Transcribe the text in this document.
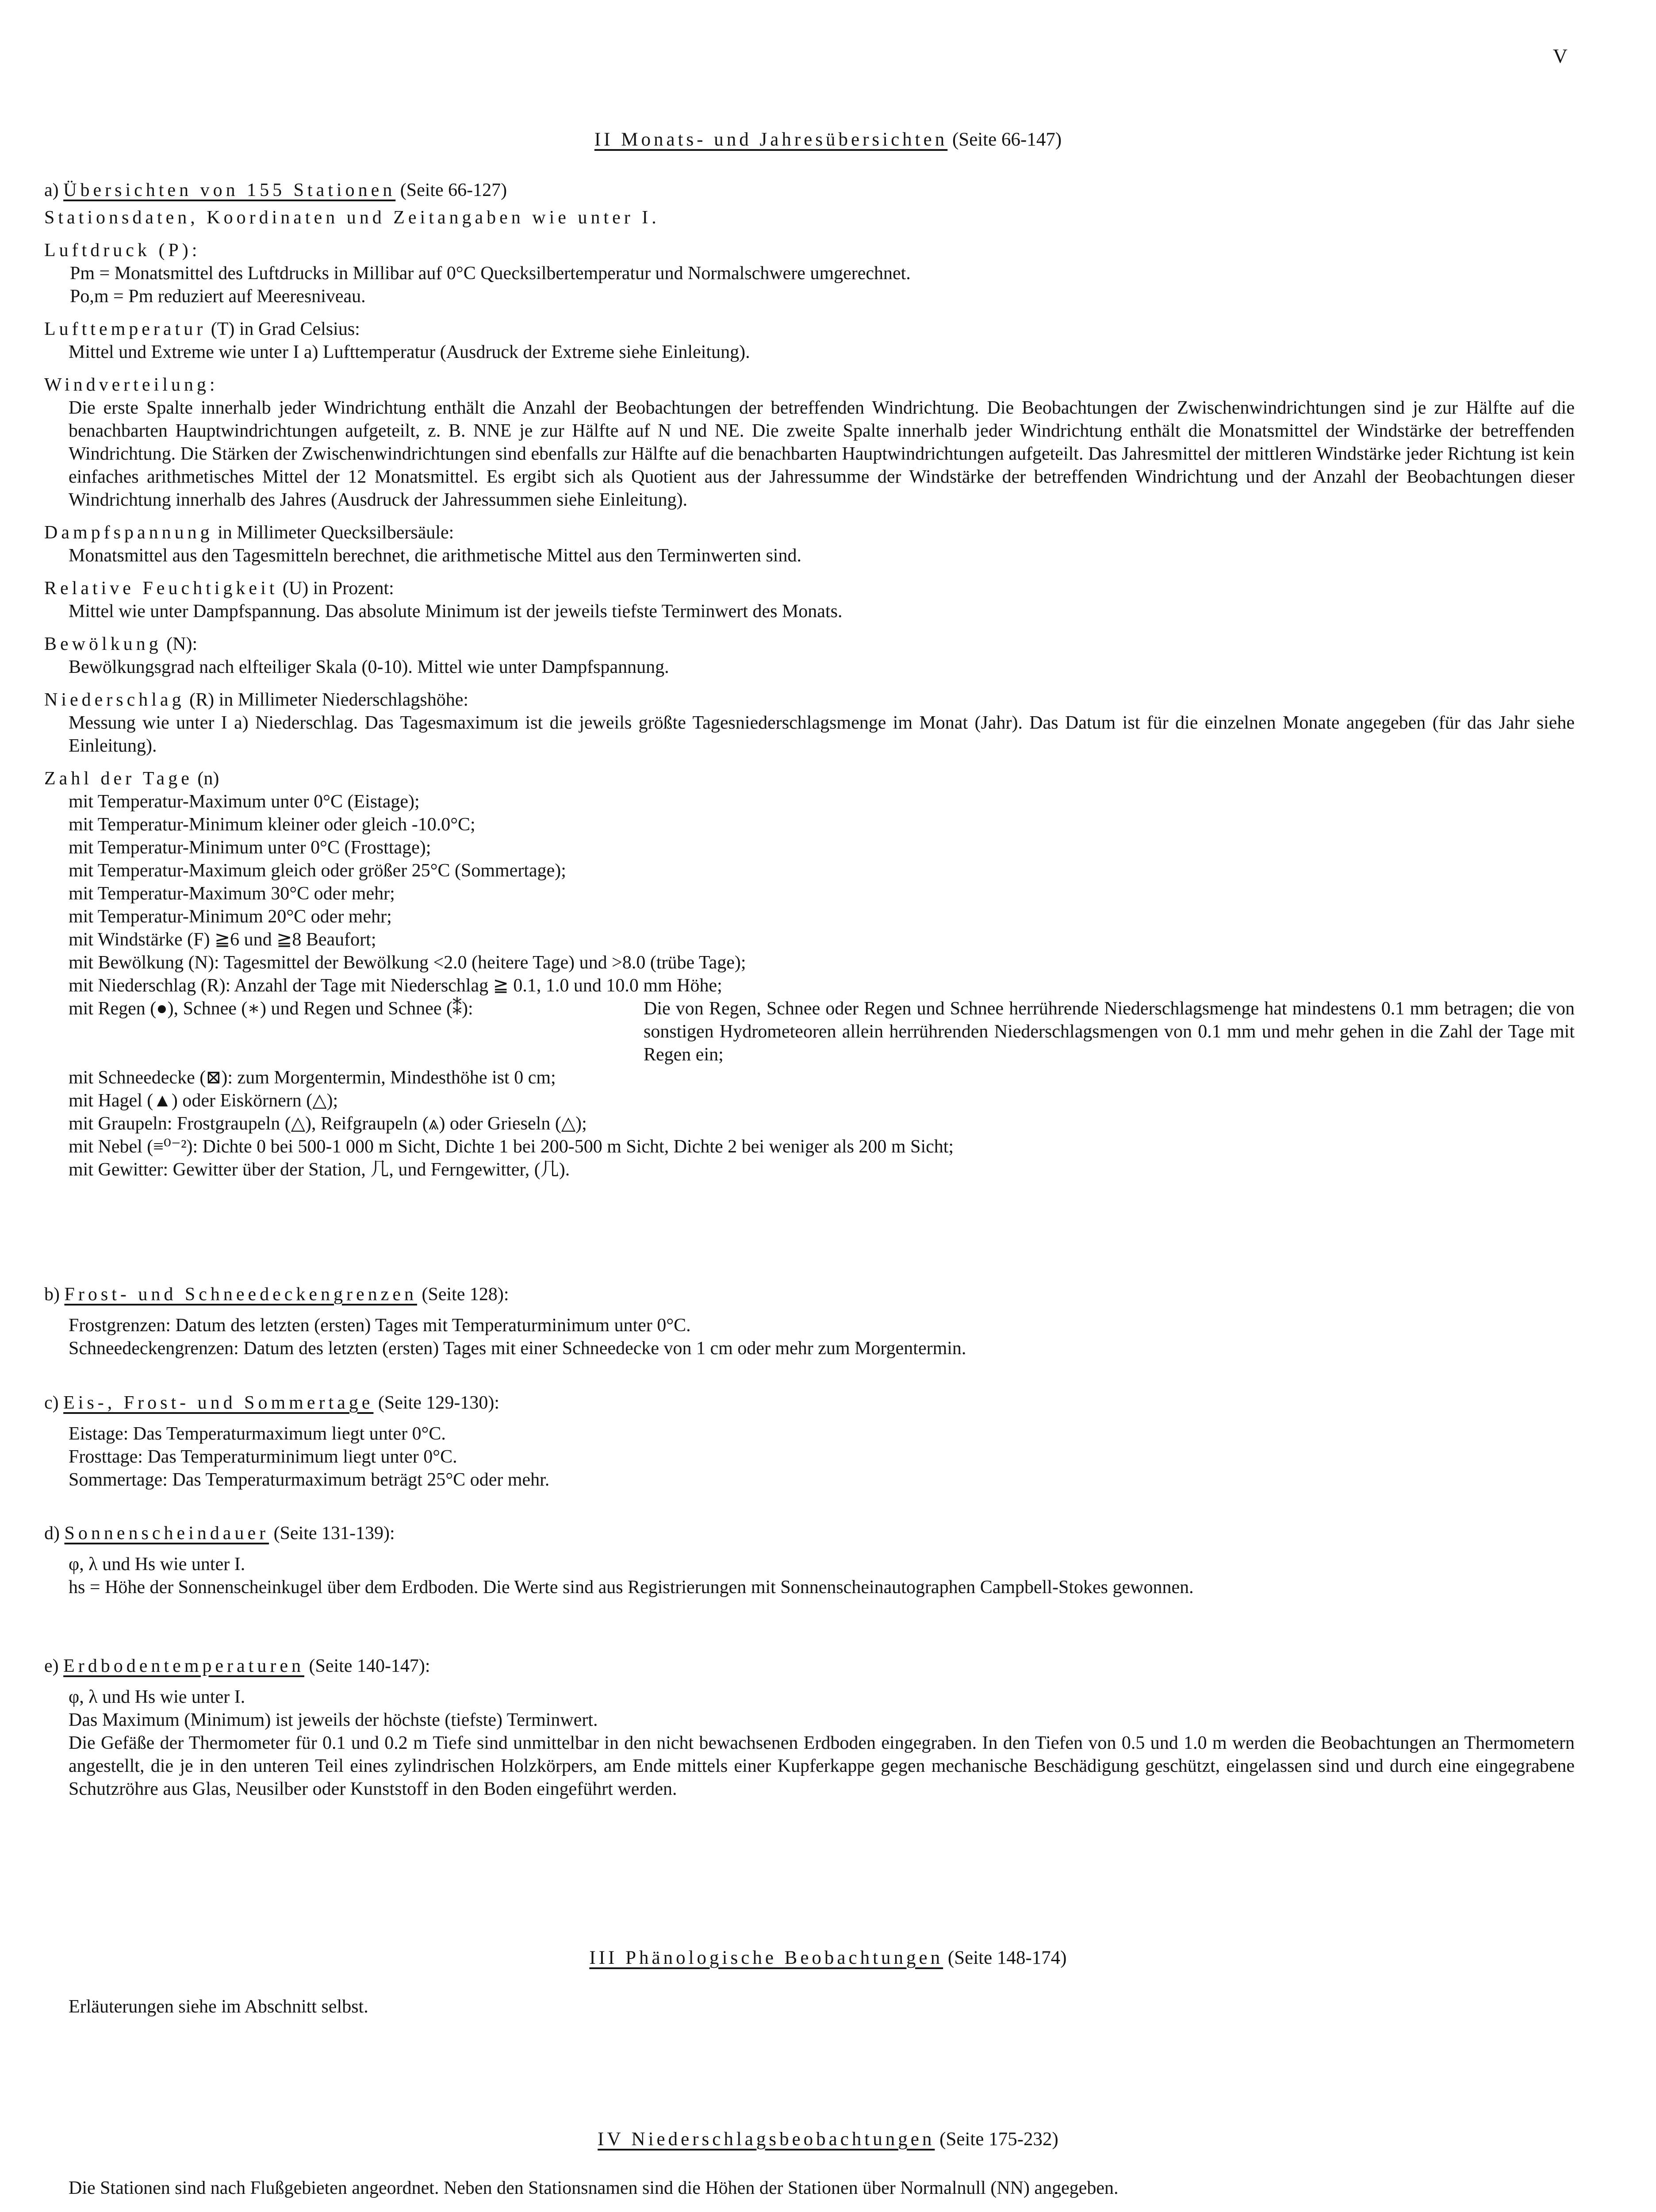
V
II Monats- und Jahresübersichten (Seite 66-147)
a) Übersichten von 155 Stationen (Seite 66-127)
Stationsdaten, Koordinaten und Zeitangaben wie unter I.
Luftdruck (P):
Pm = Monatsmittel des Luftdrucks in Millibar auf 0°C Quecksilbertemperatur und Normalschwere umgerechnet.
Po,m = Pm reduziert auf Meeresniveau.
Lufttemperatur (T) in Grad Celsius:
Mittel und Extreme wie unter I a) Lufttemperatur (Ausdruck der Extreme siehe Einleitung).
Windverteilung:
Die erste Spalte innerhalb jeder Windrichtung enthält die Anzahl der Beobachtungen der betreffenden Windrichtung. Die Beobachtungen der Zwischenwindrichtungen sind je zur Hälfte auf die benachbarten Hauptwindrichtungen aufgeteilt, z. B. NNE je zur Hälfte auf N und NE. Die zweite Spalte innerhalb jeder Windrichtung enthält die Monatsmittel der Windstärke der betreffenden Windrichtung. Die Stärken der Zwischenwindrichtungen sind ebenfalls zur Hälfte auf die benachbarten Hauptwindrichtungen aufgeteilt. Das Jahresmittel der mittleren Windstärke jeder Richtung ist kein einfaches arithmetisches Mittel der 12 Monatsmittel. Es ergibt sich als Quotient aus der Jahressumme der Windstärke der betreffenden Windrichtung und der Anzahl der Beobachtungen dieser Windrichtung innerhalb des Jahres (Ausdruck der Jahressummen siehe Einleitung).
Dampfspannung in Millimeter Quecksilbersäule:
Monatsmittel aus den Tagesmitteln berechnet, die arithmetische Mittel aus den Terminwerten sind.
Relative Feuchtigkeit (U) in Prozent:
Mittel wie unter Dampfspannung. Das absolute Minimum ist der jeweils tiefste Terminwert des Monats.
Bewölkung (N):
Bewölkungsgrad nach elfteiliger Skala (0-10). Mittel wie unter Dampfspannung.
Niederschlag (R) in Millimeter Niederschlagshöhe:
Messung wie unter I a) Niederschlag. Das Tagesmaximum ist die jeweils größte Tagesniederschlagsmenge im Monat (Jahr). Das Datum ist für die einzelnen Monate angegeben (für das Jahr siehe Einleitung).
Zahl der Tage (n)
mit Temperatur-Maximum unter 0°C (Eistage);
mit Temperatur-Minimum kleiner oder gleich -10.0°C;
mit Temperatur-Minimum unter 0°C (Frosttage);
mit Temperatur-Maximum gleich oder größer 25°C (Sommertage);
mit Temperatur-Maximum 30°C oder mehr;
mit Temperatur-Minimum 20°C oder mehr;
mit Windstärke (F) ≧6 und ≧8 Beaufort;
mit Bewölkung (N): Tagesmittel der Bewölkung <2.0 (heitere Tage) und >8.0 (trübe Tage);
mit Niederschlag (R): Anzahl der Tage mit Niederschlag ≧ 0.1, 1.0 und 10.0 mm Höhe;
mit Regen (●), Schnee (∗) und Regen und Schnee (⁑):	Die von Regen, Schnee oder Regen und Schnee herrührende Niederschlagsmenge hat mindestens 0.1 mm betragen; die von sonstigen Hydrometeoren allein herrührenden Niederschlagsmengen von 0.1 mm und mehr gehen in die Zahl der Tage mit Regen ein;
mit Schneedecke (⊠): zum Morgentermin, Mindesthöhe ist 0 cm;
mit Hagel (▲) oder Eiskörnern (△);
mit Graupeln: Frostgraupeln (△), Reifgraupeln (⩓) oder Grieseln (△);
mit Nebel (≡⁰⁻²): Dichte 0 bei 500-1 000 m Sicht, Dichte 1 bei 200-500 m Sicht, Dichte 2 bei weniger als 200 m Sicht;
mit Gewitter: Gewitter über der Station, ⼏, und Ferngewitter, (⼏).
b) Frost- und Schneedeckengrenzen (Seite 128):
Frostgrenzen: Datum des letzten (ersten) Tages mit Temperaturminimum unter 0°C.
Schneedeckengrenzen: Datum des letzten (ersten) Tages mit einer Schneedecke von 1 cm oder mehr zum Morgentermin.
c) Eis-, Frost- und Sommertage (Seite 129-130):
Eistage: Das Temperaturmaximum liegt unter 0°C.
Frosttage: Das Temperaturminimum liegt unter 0°C.
Sommertage: Das Temperaturmaximum beträgt 25°C oder mehr.
d) Sonnenscheindauer (Seite 131-139):
φ, λ und Hs wie unter I.
hs = Höhe der Sonnenscheinkugel über dem Erdboden. Die Werte sind aus Registrierungen mit Sonnenscheinautographen Campbell-Stokes gewonnen.
e) Erdbodentemperaturen (Seite 140-147):
φ, λ und Hs wie unter I.
Das Maximum (Minimum) ist jeweils der höchste (tiefste) Terminwert.
Die Gefäße der Thermometer für 0.1 und 0.2 m Tiefe sind unmittelbar in den nicht bewachsenen Erdboden eingegraben. In den Tiefen von 0.5 und 1.0 m werden die Beobachtungen an Thermometern angestellt, die je in den unteren Teil eines zylindrischen Holzkörpers, am Ende mittels einer Kupferkappe gegen mechanische Beschädigung geschützt, eingelassen sind und durch eine eingegrabene Schutzröhre aus Glas, Neusilber oder Kunststoff in den Boden eingeführt werden.
III Phänologische Beobachtungen (Seite 148-174)
Erläuterungen siehe im Abschnitt selbst.
IV Niederschlagsbeobachtungen (Seite 175-232)
Die Stationen sind nach Flußgebieten angeordnet. Neben den Stationsnamen sind die Höhen der Stationen über Normalnull (NN) angegeben.
